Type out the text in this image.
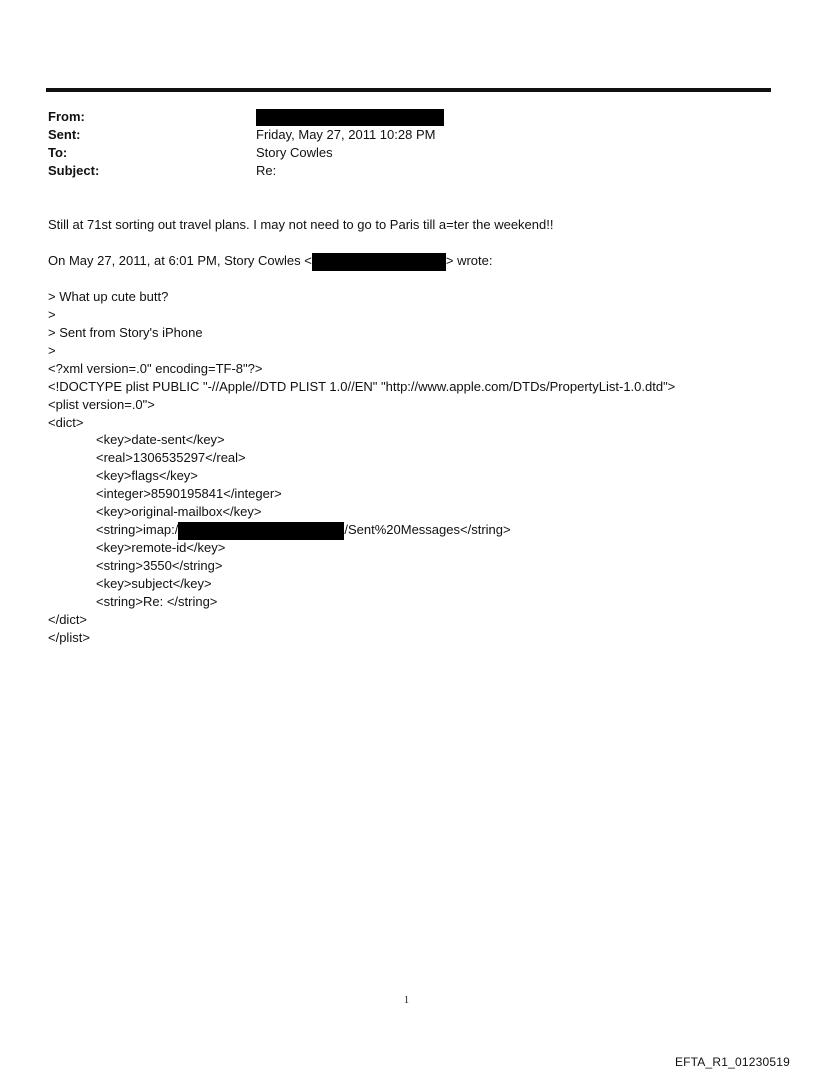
From:
Sent:	Friday, May 27, 2011 10:28 PM
To:	Story Cowles
Subject:	Re:
Still at 71st sorting out travel plans. I may not need to go to Paris till a=ter the weekend!!
On May 27, 2011, at 6:01 PM, Story Cowles <	> wrote:
> What up cute butt?
>
> Sent from Story's iPhone
>
<?xml version=.0" encoding=TF-8"?>
<!DOCTYPE plist PUBLIC "-//Apple//DTD PLIST 1.0//EN" "http://www.apple.com/DTDs/PropertyList-1.0.dtd">
<plist version=.0">
<dict>
<key>date-sent</key>
<real>1306535297</real>
<key>flags</key>
<integer>8590195841</integer>
<key>original-mailbox</key>
<string>imap:/	/Sent%20Messages</string>
<key>remote-id</key>
<string>3550</string>
<key>subject</key>
<string>Re: </string>
</dict>
</plist>
1
EFTA_R1_01230519
